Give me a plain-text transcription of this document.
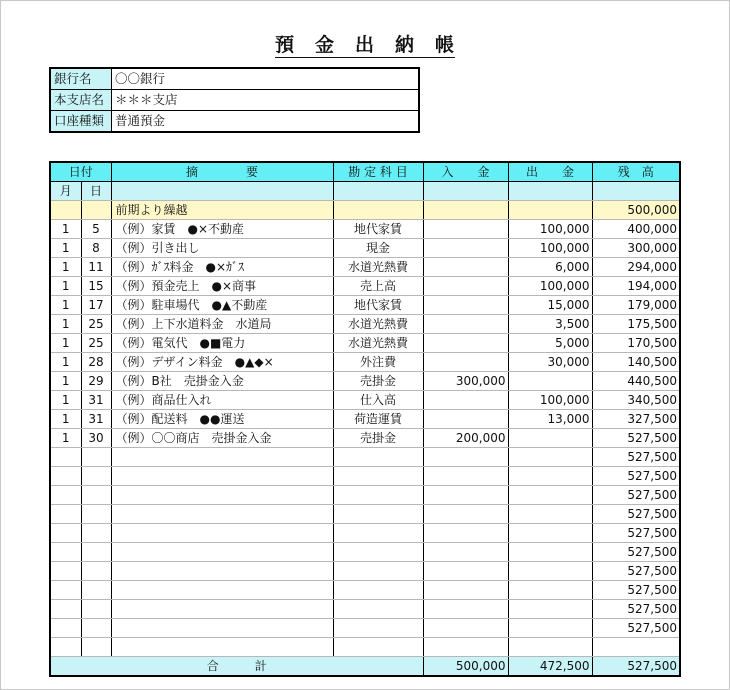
預　金　出　納　帳
銀行名	〇〇銀行
本支店名	＊＊＊支店
口座種類	普通預金
日付		摘　　　　要	勘 定 科 目	入　　金	出　　金	残　高
月	日					
		前期より繰越				500,000
1	5	（例）家賃　●×不動産	地代家賃		100,000	400,000
1	8	（例）引き出し	現金		100,000	300,000
1	11	（例）ｶﾞｽ料金　●×ｶﾞｽ	水道光熱費		6,000	294,000
1	15	（例）預金売上　●×商事	売上高		100,000	194,000
1	17	（例）駐車場代　●▲不動産	地代家賃		15,000	179,000
1	25	（例）上下水道料金　水道局	水道光熱費		3,500	175,500
1	25	（例）電気代　●■電力	水道光熱費		5,000	170,500
1	28	（例）デザイン料金　●▲◆×	外注費		30,000	140,500
1	29	（例）B社　売掛金入金	売掛金	300,000		440,500
1	31	（例）商品仕入れ	仕入高		100,000	340,500
1	31	（例）配送料　●●運送	荷造運賃		13,000	327,500
1	30	（例）〇〇商店　売掛金入金	売掛金	200,000		527,500
						527,500
						527,500
						527,500
						527,500
						527,500
						527,500
						527,500
						527,500
						527,500
						527,500

合　　　計				500,000	472,500	527,500
